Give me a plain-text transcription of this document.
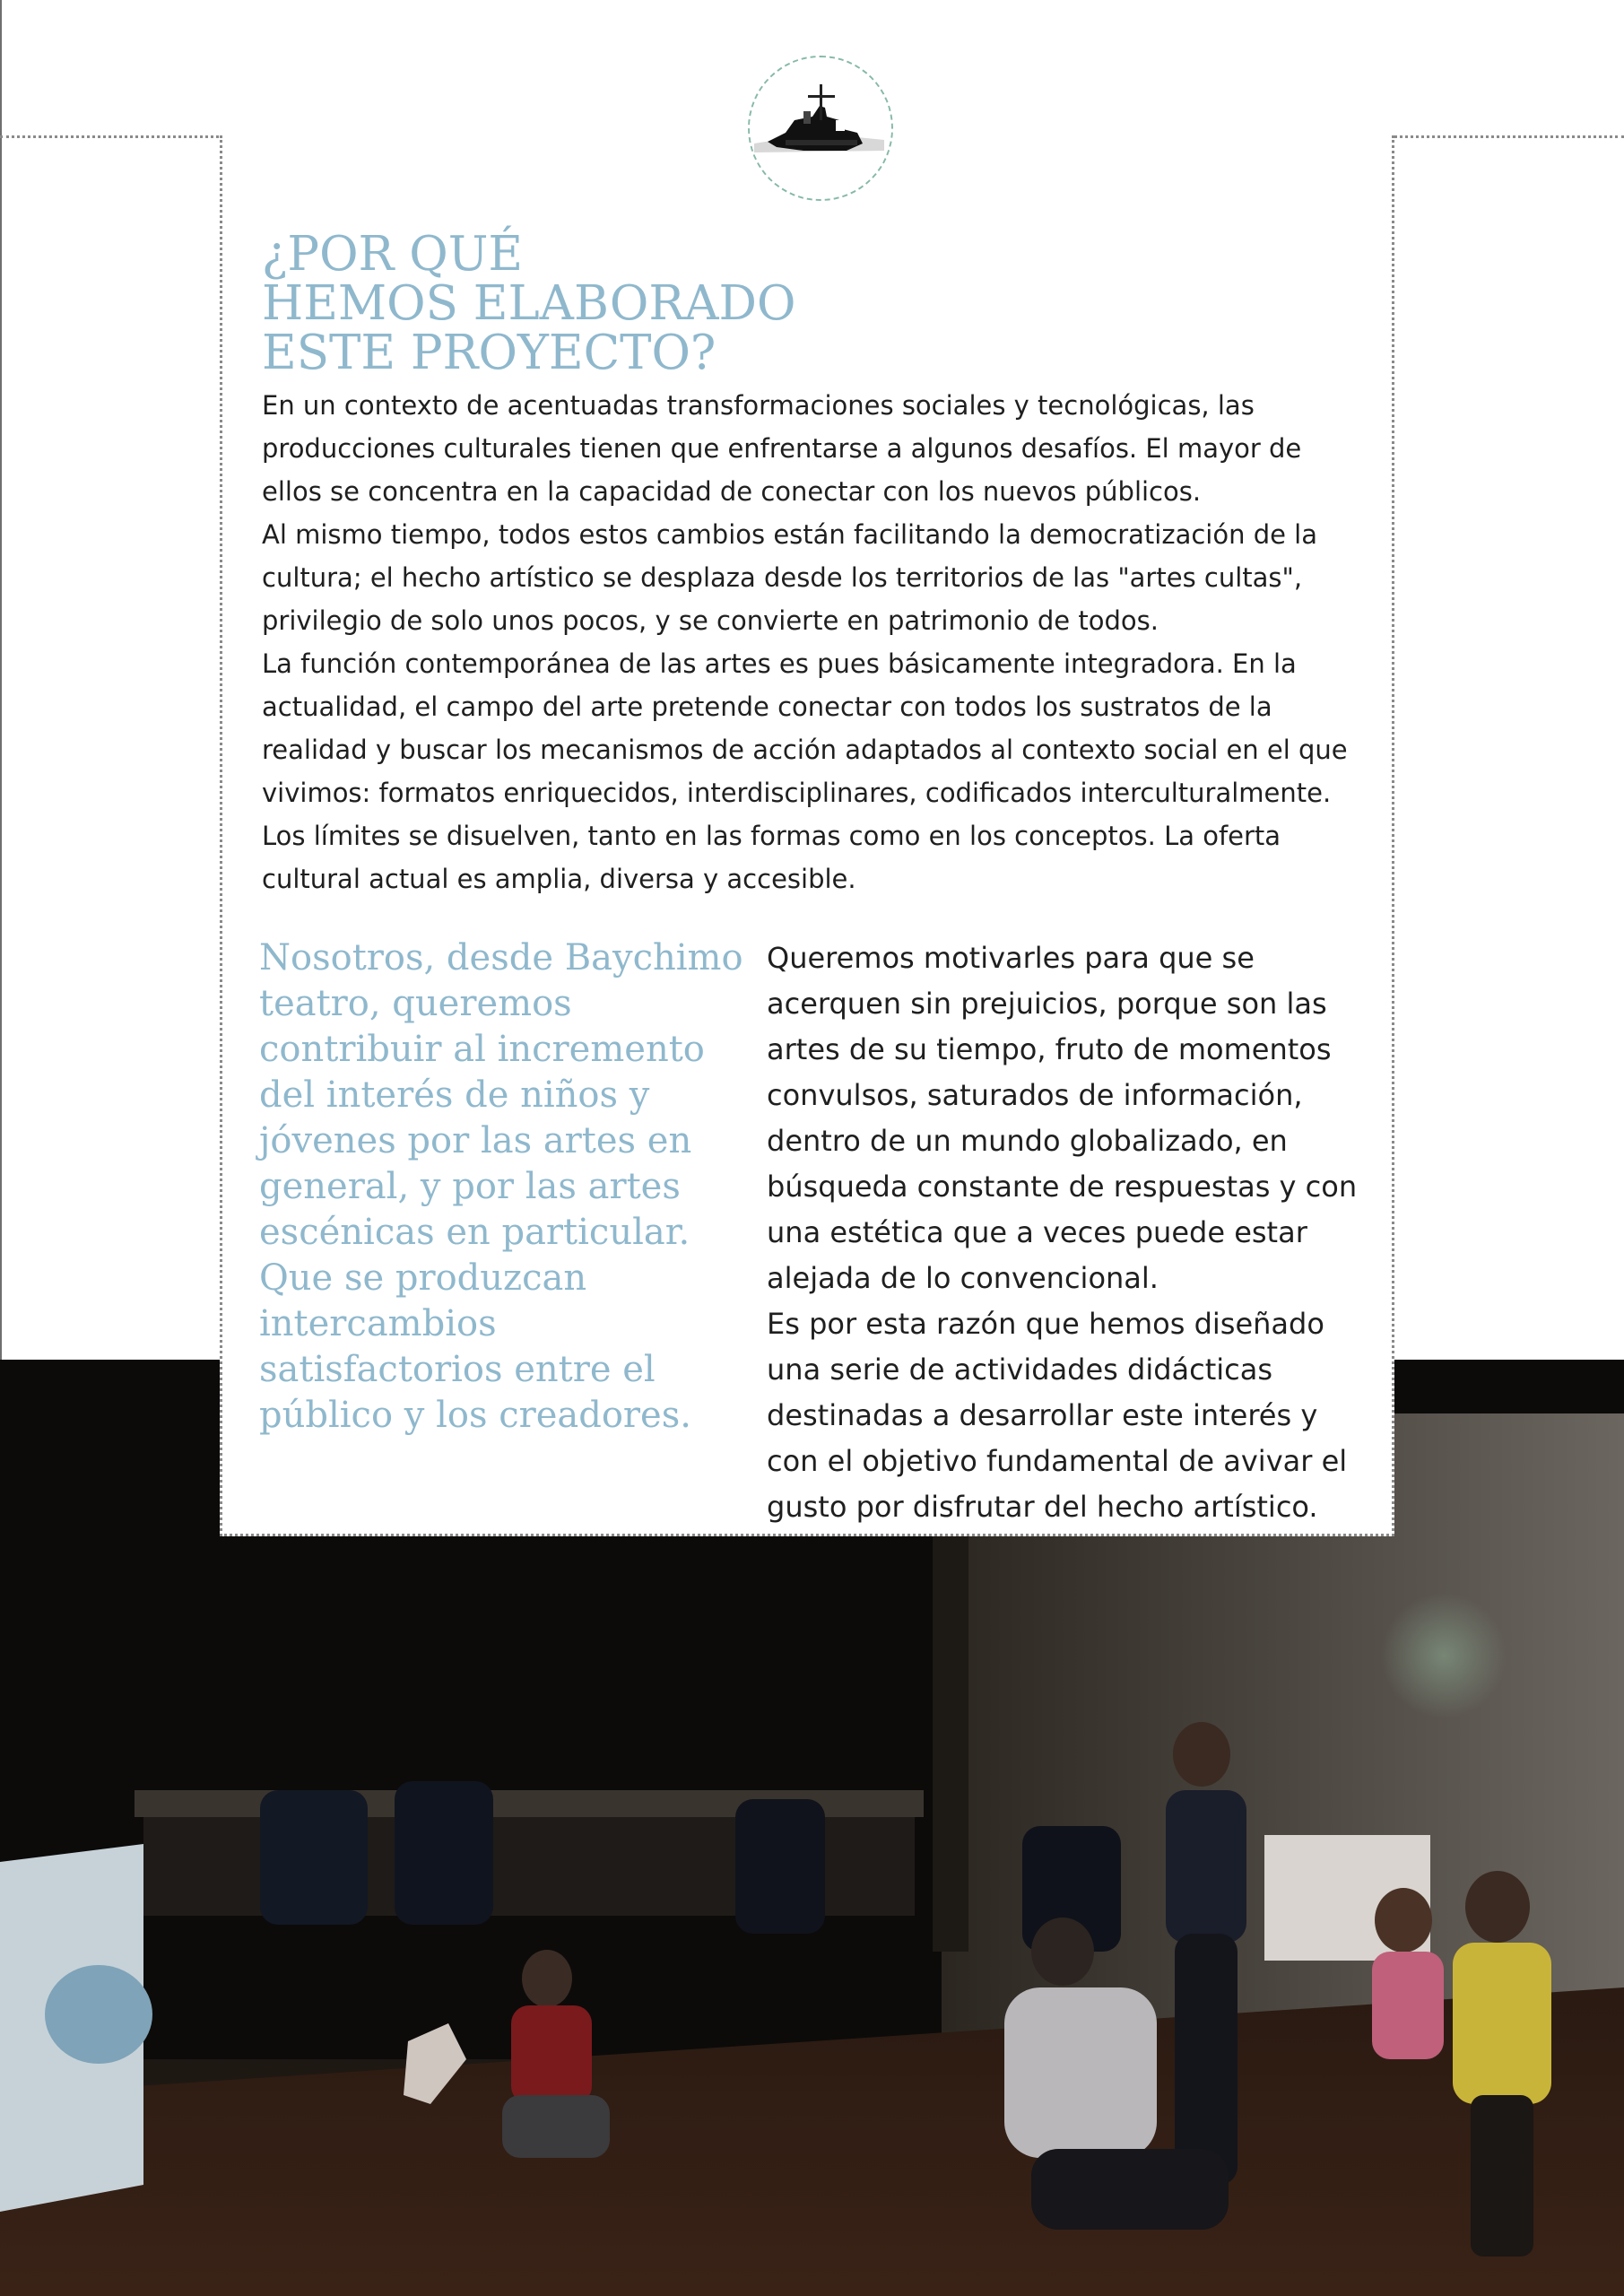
¿POR QUÉ
HEMOS ELABORADO
ESTE PROYECTO?

En un contexto de acentuadas transformaciones sociales y tecnológicas, las producciones culturales tienen que enfrentarse a algunos desafíos. El mayor de ellos se concentra en la capacidad de conectar con los nuevos públicos.

Al mismo tiempo, todos estos cambios están facilitando la democratización de la cultura; el hecho artístico se desplaza desde los territorios de las "artes cultas", privilegio de solo unos pocos, y se convierte en patrimonio de todos.

La función contemporánea de las artes es pues básicamente integradora. En la actualidad, el campo del arte pretende conectar con todos los sustratos de la realidad y buscar los mecanismos de acción adaptados al contexto social en el que vivimos: formatos enriquecidos, interdisciplinares, codificados interculturalmente.

Los límites se disuelven, tanto en las formas como en los conceptos. La oferta cultural actual es amplia, diversa y accesible.

Nosotros, desde Baychimo teatro, queremos contribuir al incremento del interés de niños y jóvenes por las artes en general, y por las artes escénicas en particular. Que se produzcan intercambios satisfactorios entre el público y los creadores.

Queremos motivarles para que se acerquen sin prejuicios, porque son las artes de su tiempo, fruto de momentos convulsos, saturados de información, dentro de un mundo globalizado, en búsqueda constante de respuestas y con una estética que a veces puede estar alejada de lo convencional.

Es por esta razón que hemos diseñado una serie de actividades didácticas destinadas a desarrollar este interés y con el objetivo fundamental de avivar el gusto por disfrutar del hecho artístico.
